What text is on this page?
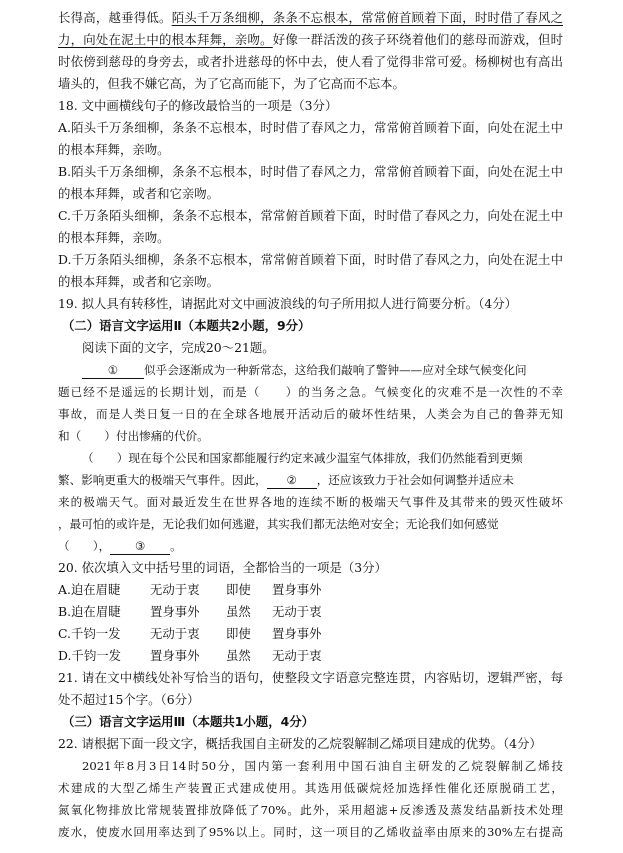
长得高，越垂得低。陌头千万条细柳，条条不忘根本，常常俯首顾着下面，时时借了春风之
力，向处在泥土中的根本拜舞，亲吻。好像一群活泼的孩子环绕着他们的慈母而游戏，但时
时依傍到慈母的身旁去，或者扑进慈母的怀中去，使人看了觉得非常可爱。杨柳树也有高出
墙头的，但我不嫌它高，为了它高而能下，为了它高而不忘本。
18. 文中画横线句子的修改最恰当的一项是（3分）
A.陌头千万条细柳，条条不忘根本，时时借了春风之力，常常俯首顾着下面，向处在泥土中
的根本拜舞，亲吻。
B.陌头千万条细柳，条条不忘根本，时时借了春风之力，常常俯首顾着下面，向处在泥土中
的根本拜舞，或者和它亲吻。
C.千万条陌头细柳，条条不忘根本，常常俯首顾着下面，时时借了春风之力，向处在泥土中
的根本拜舞，亲吻。
D.千万条陌头细柳，条条不忘根本，常常俯首顾着下面，时时借了春风之力，向处在泥土中
的根本拜舞，或者和它亲吻。
19. 拟人具有转移性，请据此对文中画波浪线的句子所用拟人进行简要分析。（4分）
（二）语言文字运用Ⅱ（本题共2小题，9分）
阅读下面的文字，完成20～21题。
① 似乎会逐渐成为一种新常态，这给我们敲响了警钟——应对全球气候变化问
题已经不是遥远的长期计划，而是（　　）的当务之急。气候变化的灾难不是一次性的不幸
事故，而是人类日复一日的在全球各地展开活动后的破坏性结果，人类会为自己的鲁莽无知
和（　　）付出惨痛的代价。
（　　）现在每个公民和国家都能履行约定来减少温室气体排放，我们仍然能看到更频
繁、影响更重大的极端天气事件。因此， ② ，还应该致力于社会如何调整并适应未
来的极端天气。面对最近发生在世界各地的连续不断的极端天气事件及其带来的毁灭性破坏
，最可怕的或许是，无论我们如何逃避，其实我们都无法绝对安全；无论我们如何感觉
（　　）， ③ 。
20. 依次填入文中括号里的词语，全都恰当的一项是（3分）
A.迫在眉睫 无动于衷 即使 置身事外
B.迫在眉睫 置身事外 虽然 无动于衷
C.千钧一发 无动于衷 即使 置身事外
D.千钧一发 置身事外 虽然 无动于衷
21. 请在文中横线处补写恰当的语句，使整段文字语意完整连贯，内容贴切，逻辑严密，每
处不超过15个字。（6分）
（三）语言文字运用Ⅲ（本题共1小题，4分）
22. 请根据下面一段文字，概括我国自主研发的乙烷裂解制乙烯项目建成的优势。（4分）
2021年8月3日14时50分，国内第一套利用中国石油自主研发的乙烷裂解制乙烯技
术建成的大型乙烯生产装置正式建成使用。其选用低碳烷烃加选择性催化还原脱硝工艺，
氮氧化物排放比常规装置排放降低了70%。此外，采用超滤+反渗透及蒸发结晶新技术处理
废水，使废水回用率达到了95%以上。同时，这一项目的乙烯收益率由原来的30%左右提高
